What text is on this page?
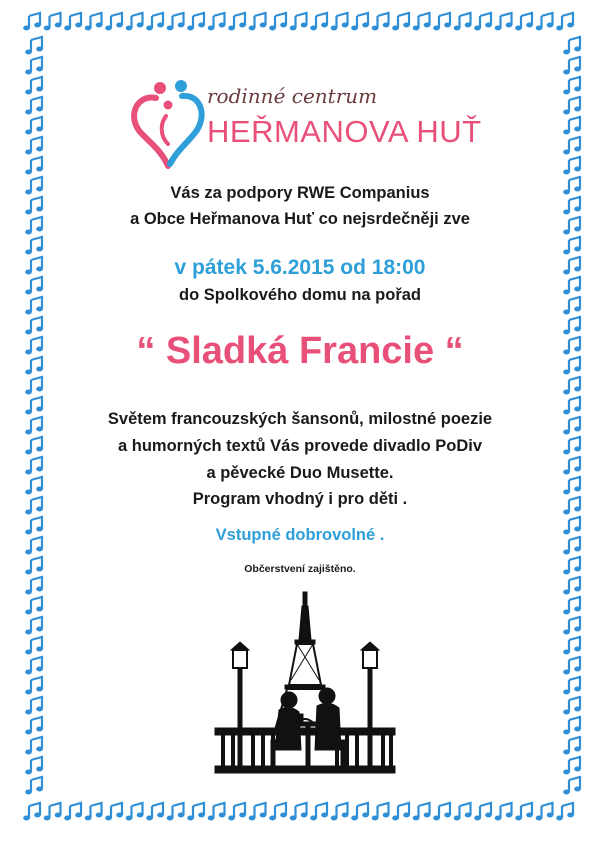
rodinné centrum
HEŘMANOVA HUŤ
Vás za podpory RWE Companius
a Obce Heřmanova Huť co nejsrdečněji zve
v pátek 5.6.2015 od 18:00
do Spolkového domu na pořad
“ Sladká Francie “
Světem francouzských šansonů, milostné poezie
a humorných textů Vás provede divadlo PoDiv
a pěvecké Duo Musette.
Program vhodný i pro děti .
Vstupné dobrovolné .
Občerstvení zajištěno.
